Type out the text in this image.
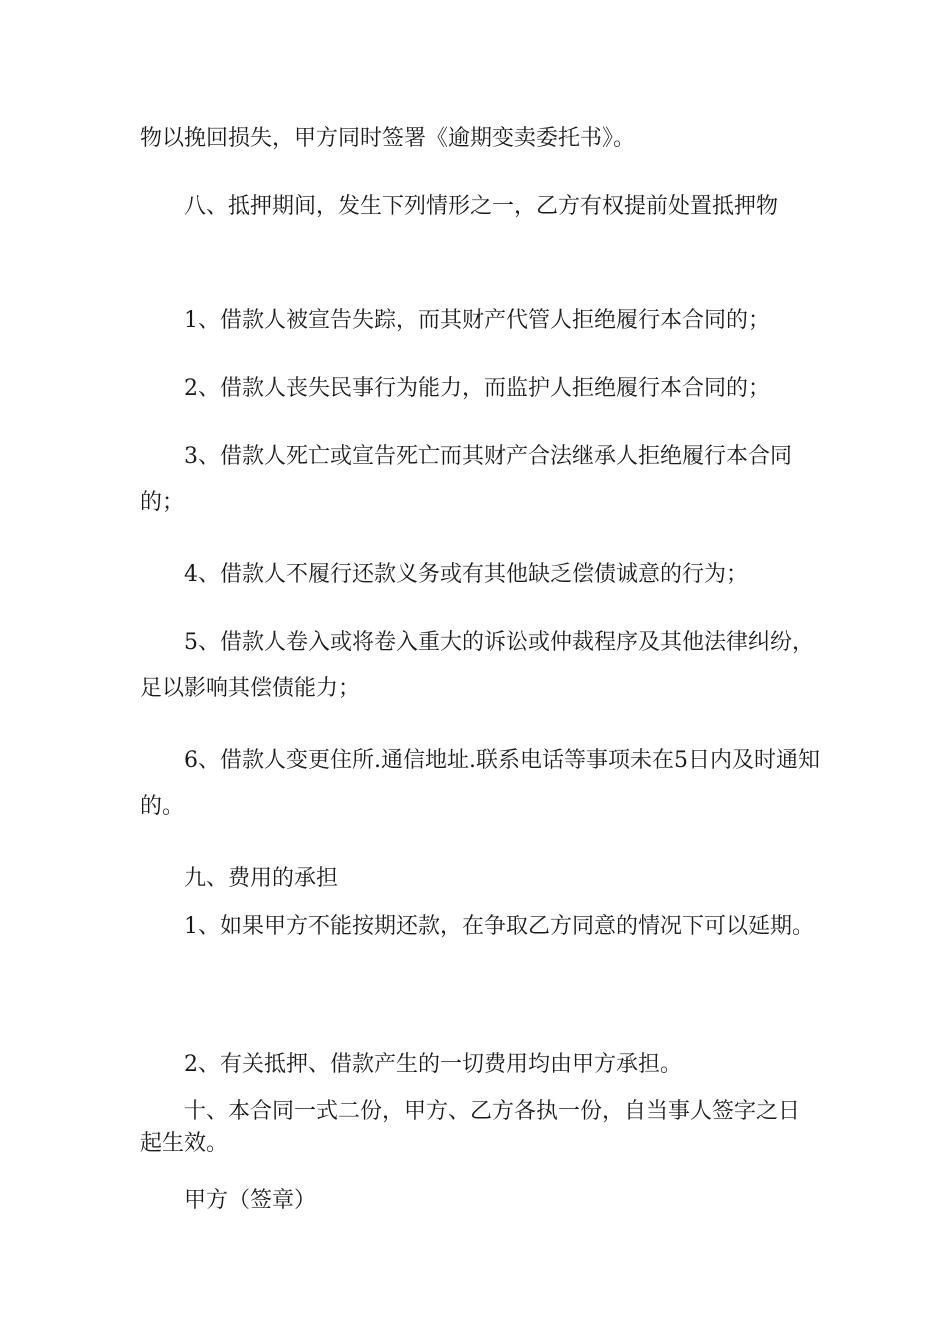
物以挽回损失，甲方同时签署《逾期变卖委托书》。

八、抵押期间，发生下列情形之一，乙方有权提前处置抵押物

1、借款人被宣告失踪，而其财产代管人拒绝履行本合同的；

2、借款人丧失民事行为能力，而监护人拒绝履行本合同的；

3、借款人死亡或宣告死亡而其财产合法继承人拒绝履行本合同的；

4、借款人不履行还款义务或有其他缺乏偿债诚意的行为；

5、借款人卷入或将卷入重大的诉讼或仲裁程序及其他法律纠纷，足以影响其偿债能力；

6、借款人变更住所.通信地址.联系电话等事项未在5日内及时通知的。

九、费用的承担

1、如果甲方不能按期还款，在争取乙方同意的情况下可以延期。

2、有关抵押、借款产生的一切费用均由甲方承担。

十、本合同一式二份，甲方、乙方各执一份，自当事人签字之日起生效。

甲方（签章）
